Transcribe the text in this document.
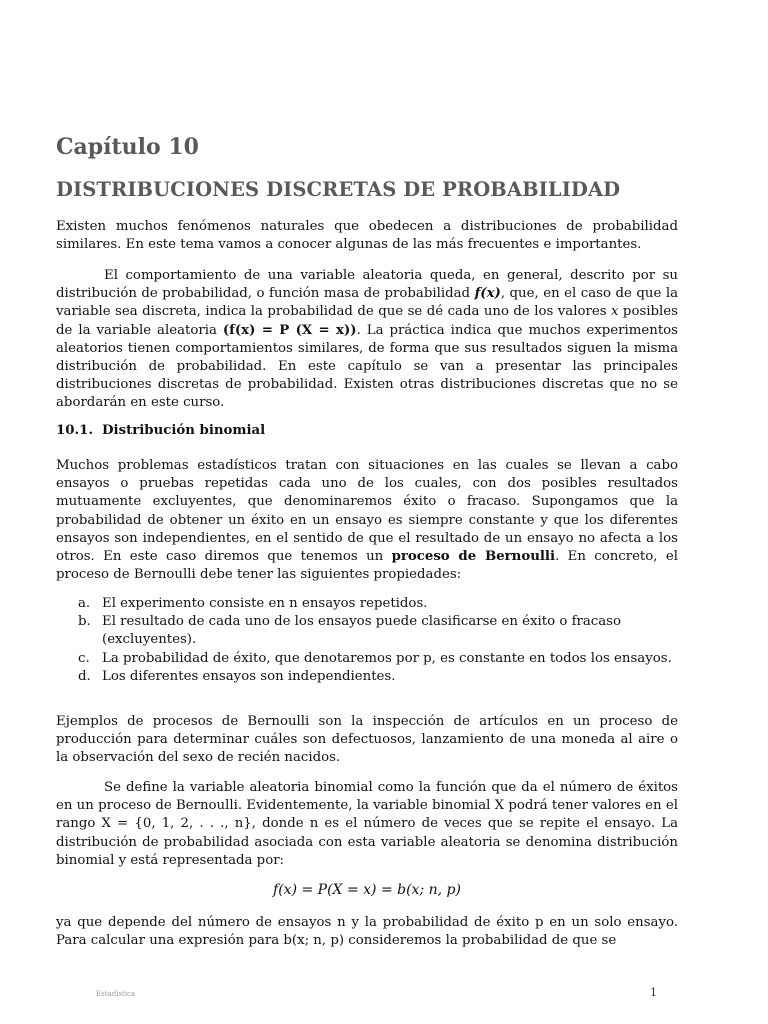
Capítulo 10
DISTRIBUCIONES DISCRETAS DE PROBABILIDAD

Existen muchos fenómenos naturales que obedecen a distribuciones de probabilidad similares. En este tema vamos a conocer algunas de las más frecuentes e importantes.

El comportamiento de una variable aleatoria queda, en general, descrito por su distribución de probabilidad, o función masa de probabilidad f(x), que, en el caso de que la variable sea discreta, indica la probabilidad de que se dé cada uno de los valores x posibles de la variable aleatoria (f(x) = P (X = x)). La práctica indica que muchos experimentos aleatorios tienen comportamientos similares, de forma que sus resultados siguen la misma distribución de probabilidad. En este capítulo se van a presentar las principales distribuciones discretas de probabilidad. Existen otras distribuciones discretas que no se abordarán en este curso.

10.1. Distribución binomial

Muchos problemas estadísticos tratan con situaciones en las cuales se llevan a cabo ensayos o pruebas repetidas cada uno de los cuales, con dos posibles resultados mutuamente excluyentes, que denominaremos éxito o fracaso. Supongamos que la probabilidad de obtener un éxito en un ensayo es siempre constante y que los diferentes ensayos son independientes, en el sentido de que el resultado de un ensayo no afecta a los otros. En este caso diremos que tenemos un proceso de Bernoulli. En concreto, el proceso de Bernoulli debe tener las siguientes propiedades:

a. El experimento consiste en n ensayos repetidos.
b. El resultado de cada uno de los ensayos puede clasificarse en éxito o fracaso (excluyentes).
c. La probabilidad de éxito, que denotaremos por p, es constante en todos los ensayos.
d. Los diferentes ensayos son independientes.

Ejemplos de procesos de Bernoulli son la inspección de artículos en un proceso de producción para determinar cuáles son defectuosos, lanzamiento de una moneda al aire o la observación del sexo de recién nacidos.

Se define la variable aleatoria binomial como la función que da el número de éxitos en un proceso de Bernoulli. Evidentemente, la variable binomial X podrá tener valores en el rango X = {0, 1, 2, . . ., n}, donde n es el número de veces que se repite el ensayo. La distribución de probabilidad asociada con esta variable aleatoria se denomina distribución binomial y está representada por:

f(x) = P(X = x) = b(x; n, p)

ya que depende del número de ensayos n y la probabilidad de éxito p en un solo ensayo. Para calcular una expresión para b(x; n, p) consideremos la probabilidad de que se

Estadística	1
